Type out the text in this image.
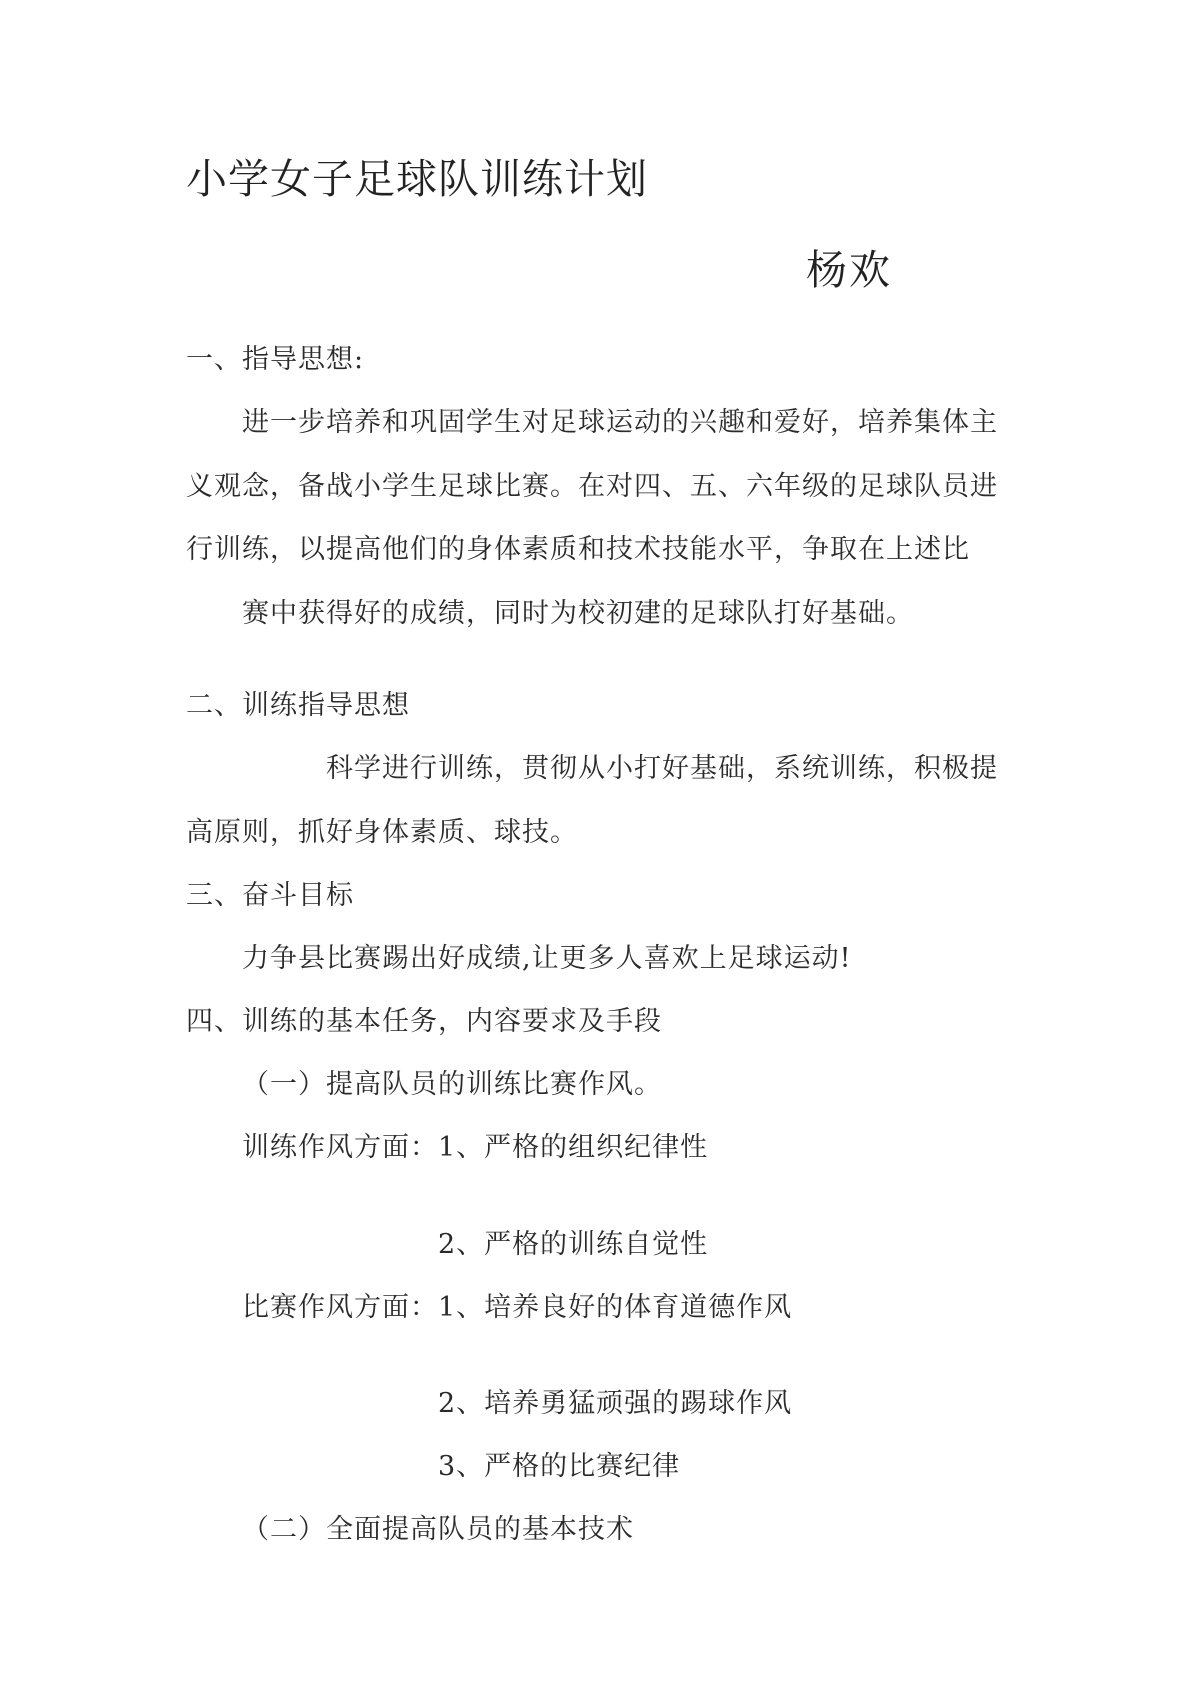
小学女子足球队训练计划
杨欢
一、指导思想:
进一步培养和巩固学生对足球运动的兴趣和爱好，培养集体主
义观念，备战小学生足球比赛。在对四、五、六年级的足球队员进
行训练，以提高他们的身体素质和技术技能水平，争取在上述比
赛中获得好的成绩，同时为校初建的足球队打好基础。
二、训练指导思想
科学进行训练，贯彻从小打好基础，系统训练，积极提
高原则，抓好身体素质、球技。
三、奋斗目标
力争县比赛踢出好成绩,让更多人喜欢上足球运动!
四、训练的基本任务，内容要求及手段
（一）提高队员的训练比赛作风。
训练作风方面：1、严格的组织纪律性
2、严格的训练自觉性
比赛作风方面：1、培养良好的体育道德作风
2、培养勇猛顽强的踢球作风
3、严格的比赛纪律
（二）全面提高队员的基本技术
